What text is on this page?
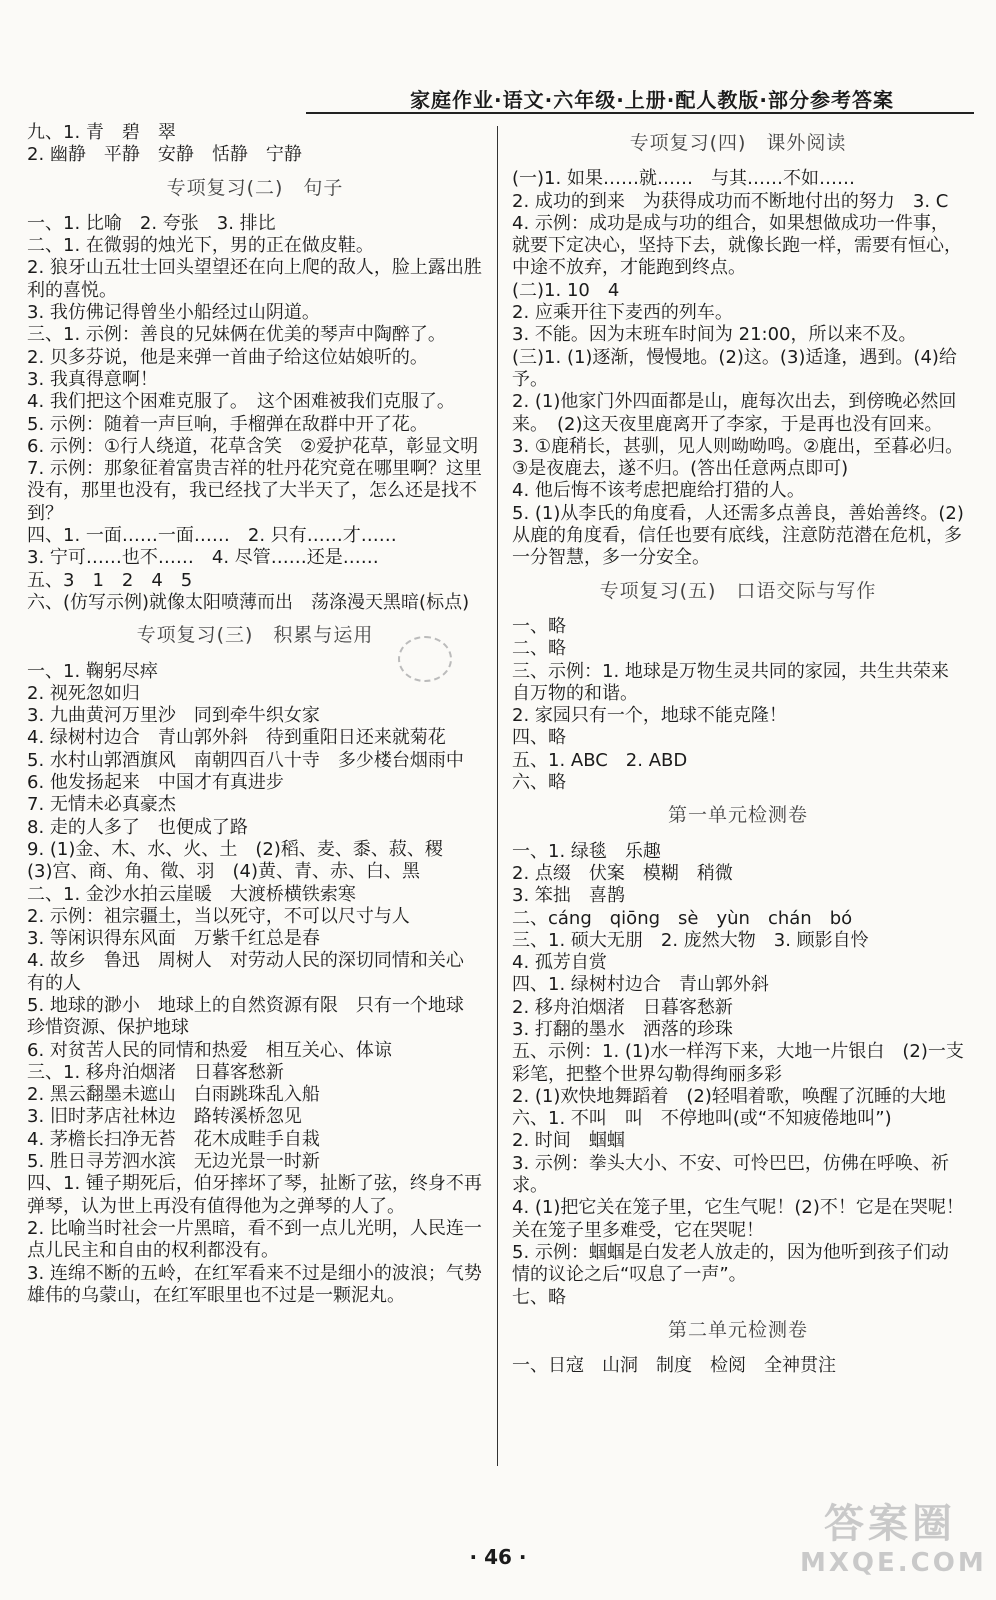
家庭作业·语文·六年级·上册·配人教版·部分参考答案
九、1. 青　碧　翠
2. 幽静　平静　安静　恬静　宁静
专项复习(二)　句子
一、1. 比喻　2. 夸张　3. 排比
二、1. 在微弱的烛光下，男的正在做皮鞋。
2. 狼牙山五壮士回头望望还在向上爬的敌人，脸上露出胜利的喜悦。
3. 我仿佛记得曾坐小船经过山阴道。
三、1. 示例：善良的兄妹俩在优美的琴声中陶醉了。
2. 贝多芬说，他是来弹一首曲子给这位姑娘听的。
3. 我真得意啊！
4. 我们把这个困难克服了。　这个困难被我们克服了。
5. 示例：随着一声巨响，手榴弹在敌群中开了花。
6. 示例：①行人绕道，花草含笑　②爱护花草，彰显文明
7. 示例：那象征着富贵吉祥的牡丹花究竟在哪里啊？这里没有，那里也没有，我已经找了大半天了，怎么还是找不到？
四、1. 一面……一面……　2. 只有……才……
3. 宁可……也不……　4. 尽管……还是……
五、3　1　2　4　5
六、(仿写示例)就像太阳喷薄而出　荡涤漫天黑暗(标点)
专项复习(三)　积累与运用
一、1. 鞠躬尽瘁
2. 视死忽如归
3. 九曲黄河万里沙　同到牵牛织女家
4. 绿树村边合　青山郭外斜　待到重阳日还来就菊花
5. 水村山郭酒旗风　南朝四百八十寺　多少楼台烟雨中
6. 他发扬起来　中国才有真进步
7. 无情未必真豪杰
8. 走的人多了　也便成了路
9. (1)金、木、水、火、土　(2)稻、麦、黍、菽、稷　(3)宫、商、角、徵、羽　(4)黄、青、赤、白、黑
二、1. 金沙水拍云崖暖　大渡桥横铁索寒
2. 示例：祖宗疆土，当以死守，不可以尺寸与人
3. 等闲识得东风面　万紫千红总是春
4. 故乡　鲁迅　周树人　对劳动人民的深切同情和关心　有的人
5. 地球的渺小　地球上的自然资源有限　只有一个地球　珍惜资源、保护地球
6. 对贫苦人民的同情和热爱　相互关心、体谅
三、1. 移舟泊烟渚　日暮客愁新
2. 黑云翻墨未遮山　白雨跳珠乱入船
3. 旧时茅店社林边　路转溪桥忽见
4. 茅檐长扫净无苔　花木成畦手自栽
5. 胜日寻芳泗水滨　无边光景一时新
四、1. 锺子期死后，伯牙摔坏了琴，扯断了弦，终身不再弹琴，认为世上再没有值得他为之弹琴的人了。
2. 比喻当时社会一片黑暗，看不到一点儿光明，人民连一点儿民主和自由的权利都没有。
3. 连绵不断的五岭，在红军看来不过是细小的波浪；气势雄伟的乌蒙山，在红军眼里也不过是一颗泥丸。
专项复习(四)　课外阅读
(一)1. 如果……就……　与其……不如……
2. 成功的到来　为获得成功而不断地付出的努力　3. C
4. 示例：成功是成与功的组合，如果想做成功一件事，就要下定决心，坚持下去，就像长跑一样，需要有恒心，中途不放弃，才能跑到终点。
(二)1. 10　4
2. 应乘开往下麦西的列车。
3. 不能。因为末班车时间为 21:00，所以来不及。
(三)1. (1)逐渐，慢慢地。(2)这。(3)适逢，遇到。(4)给予。
2. (1)他家门外四面都是山，鹿每次出去，到傍晚必然回来。　(2)这天夜里鹿离开了李家，于是再也没有回来。
3. ①鹿稍长，甚驯，见人则呦呦鸣。②鹿出，至暮必归。③是夜鹿去，遂不归。(答出任意两点即可)
4. 他后悔不该考虑把鹿给打猎的人。
5. (1)从李氏的角度看，人还需多点善良，善始善终。(2)从鹿的角度看，信任也要有底线，注意防范潜在危机，多一分智慧，多一分安全。
专项复习(五)　口语交际与写作
一、略
二、略
三、示例：1. 地球是万物生灵共同的家园，共生共荣来自万物的和谐。
2. 家园只有一个，地球不能克隆！
四、略
五、1. ABC　2. ABD
六、略
第一单元检测卷
一、1. 绿毯　乐趣
2. 点缀　伏案　模糊　稍微
3. 笨拙　喜鹊
二、cáng　qiōng　sè　yùn　chán　bó
三、1. 硕大无朋　2. 庞然大物　3. 顾影自怜
4. 孤芳自赏
四、1. 绿树村边合　青山郭外斜
2. 移舟泊烟渚　日暮客愁新
3. 打翻的墨水　洒落的珍珠
五、示例：1. (1)水一样泻下来，大地一片银白　(2)一支彩笔，把整个世界勾勒得绚丽多彩
2. (1)欢快地舞蹈着　(2)轻唱着歌，唤醒了沉睡的大地
六、1. 不叫　叫　不停地叫(或“不知疲倦地叫”)
2. 时间　蝈蝈
3. 示例：拳头大小、不安、可怜巴巴，仿佛在呼唤、祈求。
4. (1)把它关在笼子里，它生气呢！(2)不！它是在哭呢！关在笼子里多难受，它在哭呢！
5. 示例：蝈蝈是白发老人放走的，因为他听到孩子们动情的议论之后“叹息了一声”。
七、略
第二单元检测卷
一、日寇　山洞　制度　检阅　全神贯注
· 46 ·
答案圈
MXQE.COM
